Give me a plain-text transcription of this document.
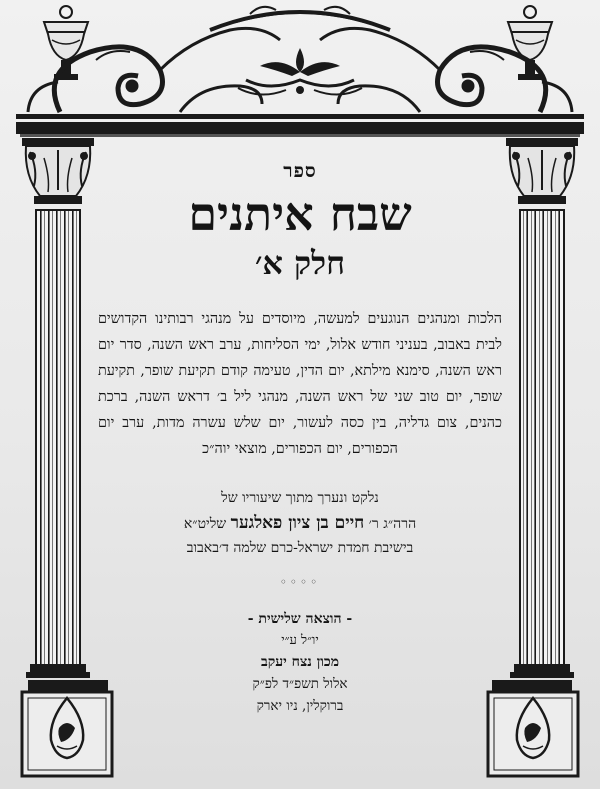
ספר
שבח איתנים
חלק א׳
הלכות ומנהגים הנוגעים למעשה, מיוסדים על מנהגי רבותינו הקדושים לבית באבוב, בעניני חודש אלול, ימי הסליחות, ערב ראש השנה, סדר יום ראש השנה, סימנא מילתא, יום הדין, טעימה קודם תקיעת שופר, תקיעת שופר, יום טוב שני של ראש השנה, מנהגי ליל ב׳ דראש השנה, ברכת כהנים, צום גדליה, בין כסה לעשור, יום שלש עשרה מדות, ערב יום הכפורים, יום הכפורים, מוצאי יוה״כ
נלקט ונערך מתוך שיעוריו של
הרה״ג ר׳ חיים בן ציון פאלגער שליט״א
בישיבת חמדת ישראל-כרם שלמה ד׳באבוב
◦◦◦◦
- הוצאה שלישית -
יו״ל ע״י
מכון נצח יעקב
אלול תשפ״ד לפ״ק
ברוקלין, ניו יארק
